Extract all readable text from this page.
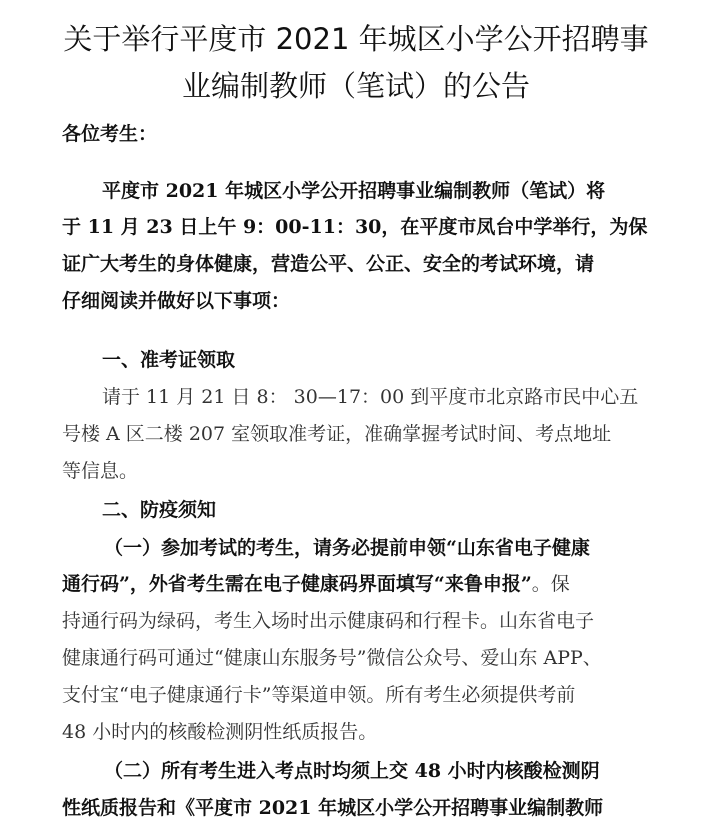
关于举行平度市 2021 年城区小学公开招聘事
业编制教师（笔试）的公告
各位考生：
平度市 2021 年城区小学公开招聘事业编制教师（笔试）将
于 11 月 23 日上午 9：00-11：30，在平度市凤台中学举行，为保
证广大考生的身体健康，营造公平、公正、安全的考试环境，请
仔细阅读并做好以下事项：
一、准考证领取
请于 11 月 21 日 8： 30—17：00 到平度市北京路市民中心五
号楼 A 区二楼 207 室领取准考证，准确掌握考试时间、考点地址
等信息。
二、防疫须知
（一）参加考试的考生，请务必提前申领“山东省电子健康
通行码”，外省考生需在电子健康码界面填写“来鲁申报”。保
持通行码为绿码，考生入场时出示健康码和行程卡。山东省电子
健康通行码可通过“健康山东服务号”微信公众号、爱山东 APP、
支付宝“电子健康通行卡”等渠道申领。所有考生必须提供考前
48 小时内的核酸检测阴性纸质报告。
（二）所有考生进入考点时均须上交 48 小时内核酸检测阴
性纸质报告和《平度市 2021 年城区小学公开招聘事业编制教师
